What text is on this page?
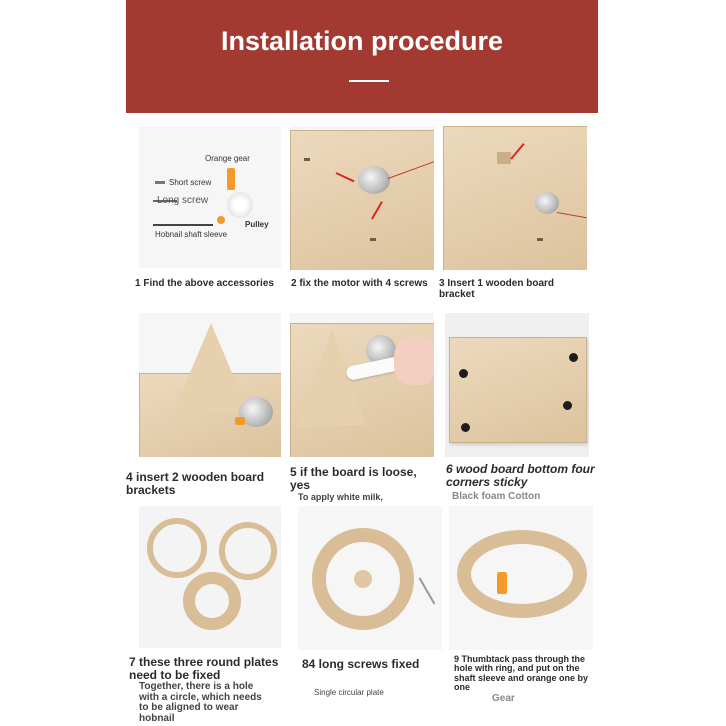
Installation procedure
Orange gear
Short screw
Long screw
Pulley
Hobnail shaft sleeve
1 Find the above accessories	2 fix the motor with 4 screws	3 Insert 1 wooden board bracket
4 insert 2 wooden board brackets
5 if the board is loose, yes
To apply white milk,
6 wood board bottom four corners sticky
Black foam Cotton
7 these three round plates need to be fixed
Together, there is a hole with a circle, which needs to be aligned to wear hobnail
84 long screws fixed
Single circular plate
9 Thumbtack pass through the hole with ring, and put on the shaft sleeve and orange one by one
Gear
